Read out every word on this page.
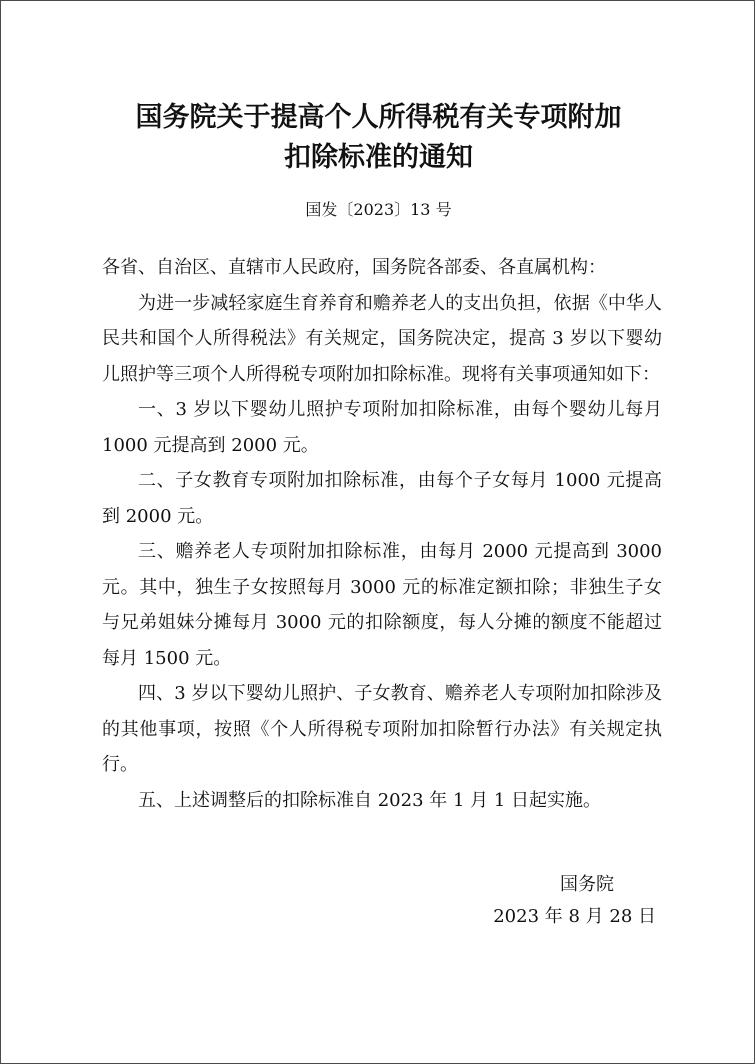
国务院关于提高个人所得税有关专项附加
扣除标准的通知
国发〔2023〕13 号

各省、自治区、直辖市人民政府，国务院各部委、各直属机构：

为进一步减轻家庭生育养育和赡养老人的支出负担，依据《中华人民共和国个人所得税法》有关规定，国务院决定，提高 3 岁以下婴幼儿照护等三项个人所得税专项附加扣除标准。现将有关事项通知如下：

一、3 岁以下婴幼儿照护专项附加扣除标准，由每个婴幼儿每月 1000 元提高到 2000 元。

二、子女教育专项附加扣除标准，由每个子女每月 1000 元提高到 2000 元。

三、赡养老人专项附加扣除标准，由每月 2000 元提高到 3000 元。其中，独生子女按照每月 3000 元的标准定额扣除；非独生子女与兄弟姐妹分摊每月 3000 元的扣除额度，每人分摊的额度不能超过每月 1500 元。

四、3 岁以下婴幼儿照护、子女教育、赡养老人专项附加扣除涉及的其他事项，按照《个人所得税专项附加扣除暂行办法》有关规定执行。

五、上述调整后的扣除标准自 2023 年 1 月 1 日起实施。

国务院
2023 年 8 月 28 日
